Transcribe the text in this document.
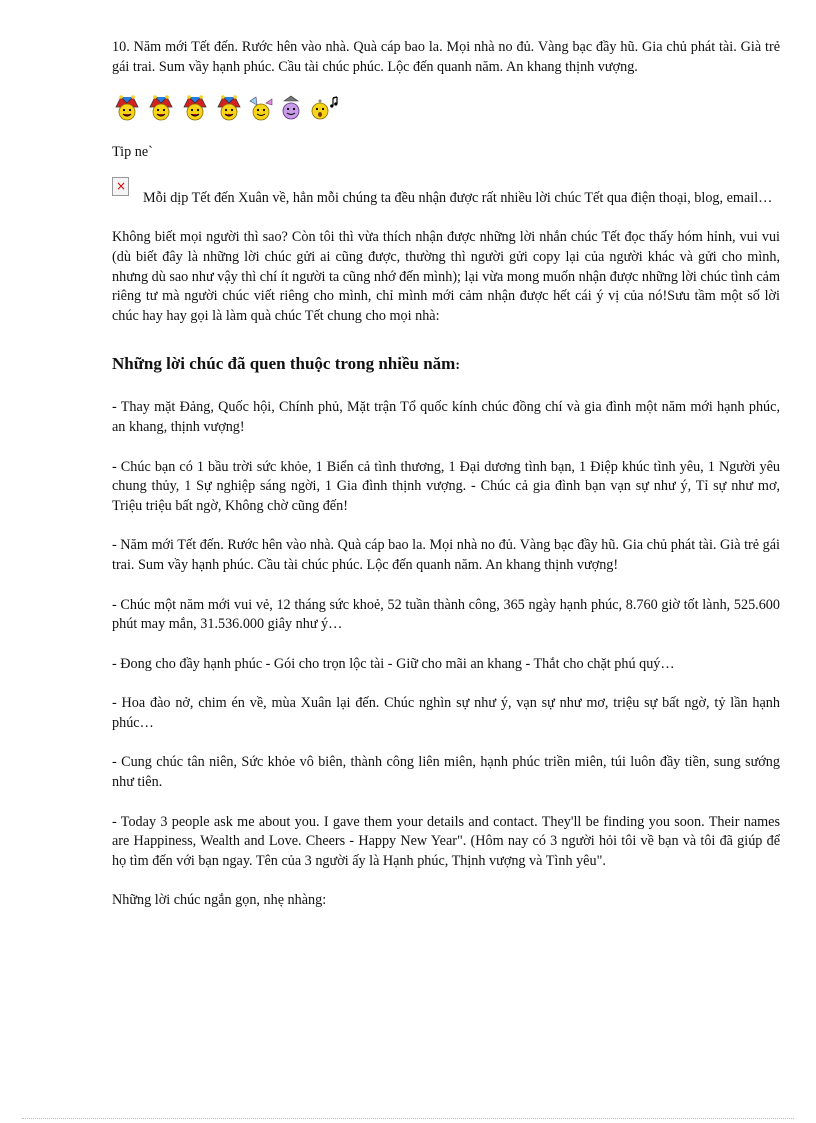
10. Năm mới Tết đến. Rước hên vào nhà. Quà cáp bao la. Mọi nhà no đủ. Vàng bạc đầy hũ. Gia chủ phát tài. Già trẻ gái trai. Sum vầy hạnh phúc. Cầu tài chúc phúc. Lộc đến quanh năm. An khang thịnh vượng.

Tip ne`

×Mỗi dịp Tết đến Xuân về, hẳn mỗi chúng ta đều nhận được rất nhiều lời chúc Tết qua điện thoại, blog, email…

Không biết mọi người thì sao? Còn tôi thì vừa thích nhận được những lời nhắn chúc Tết đọc thấy hóm hỉnh, vui vui (dù biết đây là những lời chúc gửi ai cũng được, thường thì người gửi copy lại của người khác và gửi cho mình, nhưng dù sao như vậy thì chí ít người ta cũng nhớ đến mình); lại vừa mong muốn nhận được những lời chúc tình cảm riêng tư mà người chúc viết riêng cho mình, chỉ mình mới cảm nhận được hết cái ý vị của nó!Sưu tầm một số lời chúc hay hay gọi là làm quà chúc Tết chung cho mọi nhà:

Những lời chúc đã quen thuộc trong nhiều năm:

- Thay mặt Đảng, Quốc hội, Chính phủ, Mặt trận Tổ quốc kính chúc đồng chí và gia đình một năm mới hạnh phúc, an khang, thịnh vượng!

- Chúc bạn có 1 bầu trời sức khỏe, 1 Biển cả tình thương, 1 Đại dương tình bạn, 1 Điệp khúc tình yêu, 1 Người yêu chung thủy, 1 Sự nghiệp sáng ngời, 1 Gia đình thịnh vượng. - Chúc cả gia đình bạn vạn sự như ý, Tỉ sự như mơ, Triệu triệu bất ngờ, Không chờ cũng đến!

- Năm mới Tết đến. Rước hên vào nhà. Quà cáp bao la. Mọi nhà no đủ. Vàng bạc đầy hũ. Gia chủ phát tài. Già trẻ gái trai. Sum vầy hạnh phúc. Cầu tài chúc phúc. Lộc đến quanh năm. An khang thịnh vượng!

- Chúc một năm mới vui vẻ, 12 tháng sức khoẻ, 52 tuần thành công, 365 ngày hạnh phúc, 8.760 giờ tốt lành, 525.600 phút may mắn, 31.536.000 giây như ý…

- Đong cho đầy hạnh phúc - Gói cho trọn lộc tài - Giữ cho mãi an khang - Thắt cho chặt phú quý…

- Hoa đào nở, chim én về, mùa Xuân lại đến. Chúc nghìn sự như ý, vạn sự như mơ, triệu sự bất ngờ, tỷ lần hạnh phúc…

- Cung chúc tân niên, Sức khỏe vô biên, thành công liên miên, hạnh phúc triền miên, túi luôn đầy tiền, sung sướng như tiên.

- Today 3 people ask me about you. I gave them your details and contact. They'll be finding you soon. Their names are Happiness, Wealth and Love. Cheers - Happy New Year". (Hôm nay có 3 người hỏi tôi về bạn và tôi đã giúp để họ tìm đến với bạn ngay. Tên của 3 người ấy là Hạnh phúc, Thịnh vượng và Tình yêu".

Những lời chúc ngắn gọn, nhẹ nhàng:
